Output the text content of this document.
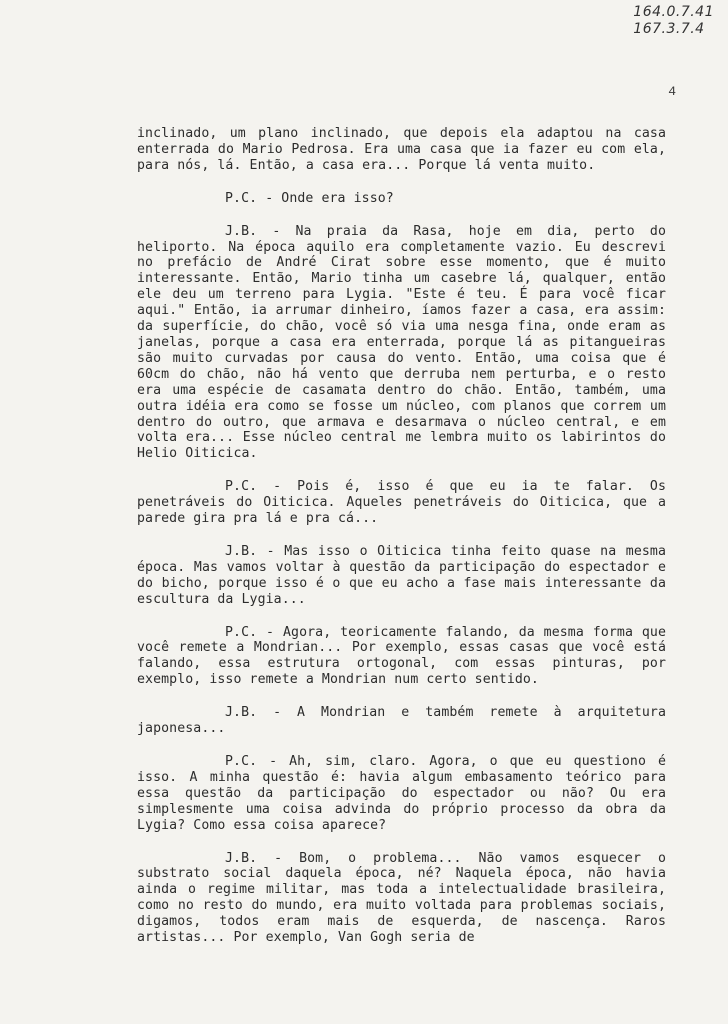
164.0.7.41
167.3.7.4
4

inclinado, um plano inclinado, que depois ela adaptou na casa enterrada do Mario Pedrosa. Era uma casa que ia fazer eu com ela, para nós, lá. Então, a casa era... Porque lá venta muito.

P.C. - Onde era isso?

J.B. - Na praia da Rasa, hoje em dia, perto do heliporto. Na época aquilo era completamente vazio. Eu descrevi no prefácio de André Cirat sobre esse momento, que é muito interessante. Então, Mario tinha um casebre lá, qualquer, então ele deu um terreno para Lygia. "Este é teu. É para você ficar aqui." Então, ia arrumar dinheiro, íamos fazer a casa, era assim: da superfície, do chão, você só via uma nesga fina, onde eram as janelas, porque a casa era enterrada, porque lá as pitangueiras são muito curvadas por causa do vento. Então, uma coisa que é 60cm do chão, não há vento que derruba nem perturba, e o resto era uma espécie de casamata dentro do chão. Então, também, uma outra idéia era como se fosse um núcleo, com planos que correm um dentro do outro, que armava e desarmava o núcleo central, e em volta era... Esse núcleo central me lembra muito os labirintos do Helio Oiticica.

P.C. - Pois é, isso é que eu ia te falar. Os penetráveis do Oiticica. Aqueles penetráveis do Oiticica, que a parede gira pra lá e pra cá...

J.B. - Mas isso o Oiticica tinha feito quase na mesma época. Mas vamos voltar à questão da participação do espectador e do bicho, porque isso é o que eu acho a fase mais interessante da escultura da Lygia...

P.C. - Agora, teoricamente falando, da mesma forma que você remete a Mondrian... Por exemplo, essas casas que você está falando, essa estrutura ortogonal, com essas pinturas, por exemplo, isso remete a Mondrian num certo sentido.

J.B. - A Mondrian e também remete à arquitetura japonesa...

P.C. - Ah, sim, claro. Agora, o que eu questiono é isso. A minha questão é: havia algum embasamento teórico para essa questão da participação do espectador ou não? Ou era simplesmente uma coisa advinda do próprio processo da obra da Lygia? Como essa coisa aparece?

J.B. - Bom, o problema... Não vamos esquecer o substrato social daquela época, né? Naquela época, não havia ainda o regime militar, mas toda a intelectualidade brasileira, como no resto do mundo, era muito voltada para problemas sociais, digamos, todos eram mais de esquerda, de nascença. Raros artistas... Por exemplo, Van Gogh seria de
